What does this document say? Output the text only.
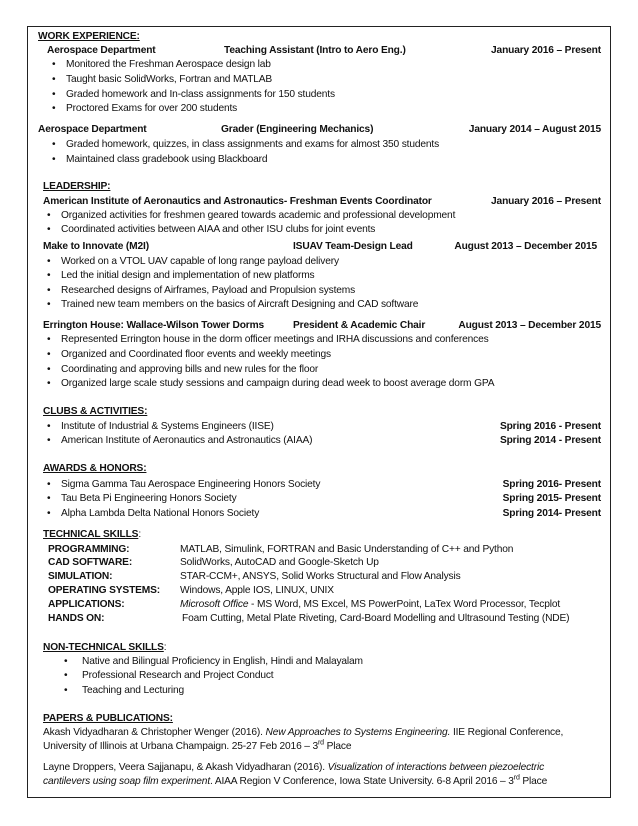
WORK EXPERIENCE:
Aerospace Department	Teaching Assistant (Intro to Aero Eng.)	January 2016 – Present
• Monitored the Freshman Aerospace design lab
• Taught basic SolidWorks, Fortran and MATLAB
• Graded homework and In-class assignments for 150 students
• Proctored Exams for over 200 students
Aerospace Department	Grader (Engineering Mechanics)	January 2014 – August 2015
• Graded homework, quizzes, in class assignments and exams for almost 350 students
• Maintained class gradebook using Blackboard
LEADERSHIP:
American Institute of Aeronautics and Astronautics- Freshman Events Coordinator	January 2016 – Present
• Organized activities for freshmen geared towards academic and professional development
• Coordinated activities between AIAA and other ISU clubs for joint events
Make to Innovate (M2I)	ISUAV Team-Design Lead	August 2013 – December 2015
• Worked on a VTOL UAV capable of long range payload delivery
• Led the initial design and implementation of new platforms
• Researched designs of Airframes, Payload and Propulsion systems
• Trained new team members on the basics of Aircraft Designing and CAD software
Errington House: Wallace-Wilson Tower Dorms	President & Academic Chair	August 2013 – December 2015
• Represented Errington house in the dorm officer meetings and IRHA discussions and conferences
• Organized and Coordinated floor events and weekly meetings
• Coordinating and approving bills and new rules for the floor
• Organized large scale study sessions and campaign during dead week to boost average dorm GPA
CLUBS & ACTIVITIES:
• Institute of Industrial & Systems Engineers (IISE)	Spring 2016 - Present
• American Institute of Aeronautics and Astronautics (AIAA)	Spring 2014 - Present
AWARDS & HONORS:
• Sigma Gamma Tau Aerospace Engineering Honors Society	Spring 2016- Present
• Tau Beta Pi Engineering Honors Society	Spring 2015- Present
• Alpha Lambda Delta National Honors Society	Spring 2014- Present
TECHNICAL SKILLS:
PROGRAMMING:	MATLAB, Simulink, FORTRAN and Basic Understanding of C++ and Python
CAD SOFTWARE:	SolidWorks, AutoCAD and Google-Sketch Up
SIMULATION:	STAR-CCM+, ANSYS, Solid Works Structural and Flow Analysis
OPERATING SYSTEMS: Windows, Apple IOS, LINUX, UNIX
APPLICATIONS:	Microsoft Office - MS Word, MS Excel, MS PowerPoint, LaTex Word Processor, Tecplot
HANDS ON:	Foam Cutting, Metal Plate Riveting, Card-Board Modelling and Ultrasound Testing (NDE)
NON-TECHNICAL SKILLS:
• Native and Bilingual Proficiency in English, Hindi and Malayalam
• Professional Research and Project Conduct
• Teaching and Lecturing
PAPERS & PUBLICATIONS:
Akash Vidyadharan & Christopher Wenger (2016). New Approaches to Systems Engineering. IIE Regional Conference,
University of Illinois at Urbana Champaign. 25-27 Feb 2016 – 3rd Place
Layne Droppers, Veera Sajjanapu, & Akash Vidyadharan (2016). Visualization of interactions between piezoelectric
cantilevers using soap film experiment. AIAA Region V Conference, Iowa State University. 6-8 April 2016 – 3rd Place
